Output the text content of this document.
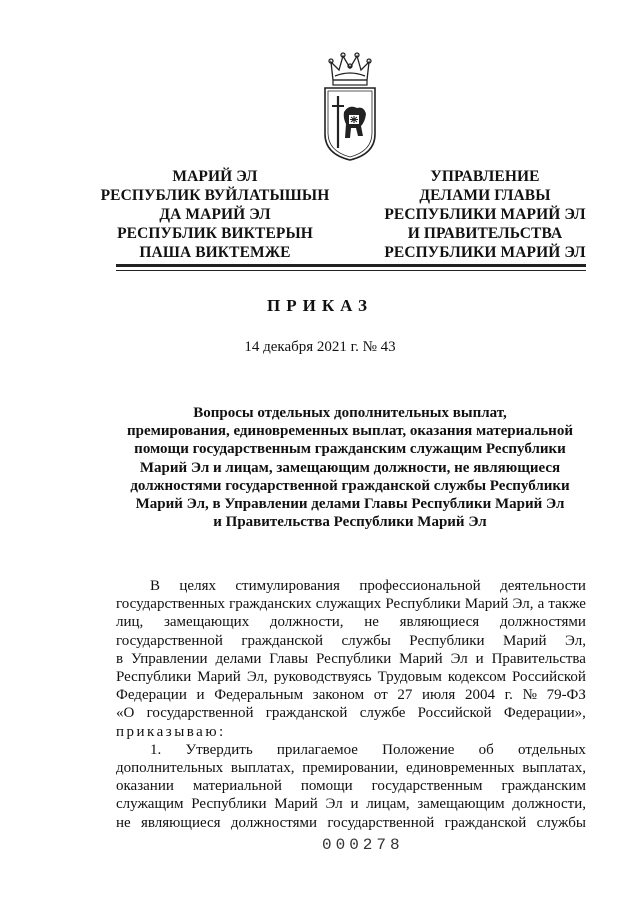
МАРИЙ ЭЛ
РЕСПУБЛИК ВУЙЛАТЫШЫН
ДА МАРИЙ ЭЛ
РЕСПУБЛИК ВИКТЕРЫН
ПАША ВИКТЕМЖЕ
УПРАВЛЕНИЕ
ДЕЛАМИ ГЛАВЫ
РЕСПУБЛИКИ МАРИЙ ЭЛ
И ПРАВИТЕЛЬСТВА
РЕСПУБЛИКИ МАРИЙ ЭЛ
ПРИКАЗ
14 декабря 2021 г. № 43
Вопросы отдельных дополнительных выплат,
премирования, единовременных выплат, оказания материальной
помощи государственным гражданским служащим Республики
Марий Эл и лицам, замещающим должности, не являющиеся
должностями государственной гражданской службы Республики
Марий Эл, в Управлении делами Главы Республики Марий Эл
и Правительства Республики Марий Эл
В целях стимулирования профессиональной деятельности
государственных гражданских служащих Республики Марий Эл, а также
лиц, замещающих должности, не являющиеся должностями
государственной гражданской службы Республики Марий Эл,
в Управлении делами Главы Республики Марий Эл и Правительства
Республики Марий Эл, руководствуясь Трудовым кодексом Российской
Федерации и Федеральным законом от 27 июля 2004 г. № 79-ФЗ
«О государственной гражданской службе Российской Федерации»,
приказываю:
1. Утвердить прилагаемое Положение об отдельных
дополнительных выплатах, премировании, единовременных выплатах,
оказании материальной помощи государственным гражданским
служащим Республики Марий Эл и лицам, замещающим должности,
не являющиеся должностями государственной гражданской службы
000278
